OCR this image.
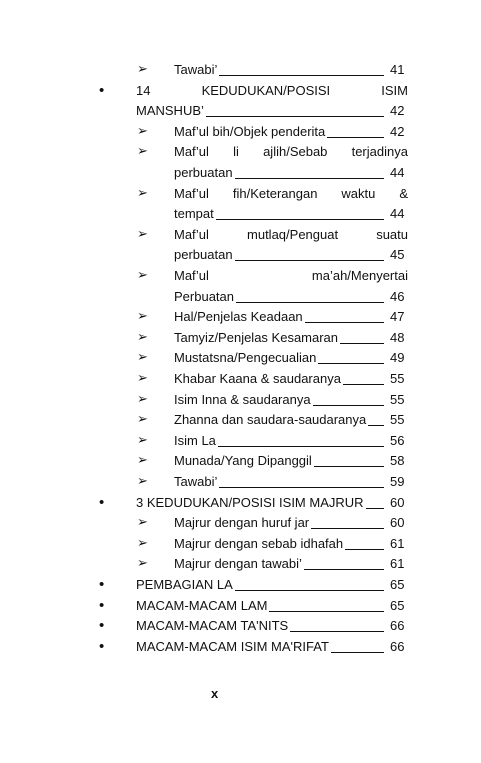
➢ Tawabi’	41
• 14	KEDUDUKAN/POSISI	ISIM
MANSHUB’	42
➢ Maf’ul bih/Objek penderita	42
➢ Maf’ul li ajlih/Sebab terjadinya
perbuatan	44
➢ Maf’ul fih/Keterangan waktu &
tempat	44
➢ Maf’ul	mutlaq/Penguat	suatu
perbuatan	45
➢ Maf’ul	ma’ah/Menyertai
Perbuatan	46
➢ Hal/Penjelas Keadaan	47
➢ Tamyiz/Penjelas Kesamaran	48
➢ Mustatsna/Pengecualian	49
➢ Khabar Kaana & saudaranya	55
➢ Isim Inna & saudaranya	55
➢ Zhanna dan saudara-saudaranya 55
➢ Isim La	56
➢ Munada/Yang Dipanggil	58
➢ Tawabi’	59
• 3 KEDUDUKAN/POSISI ISIM MAJRUR 60
➢ Majrur dengan huruf jar	60
➢ Majrur dengan sebab idhafah	61
➢ Majrur dengan tawabi’	61
• PEMBAGIAN LA	65
• MACAM-MACAM LAM	65
• MACAM-MACAM TA'NITS	66
• MACAM-MACAM ISIM MA'RIFAT	66
x
